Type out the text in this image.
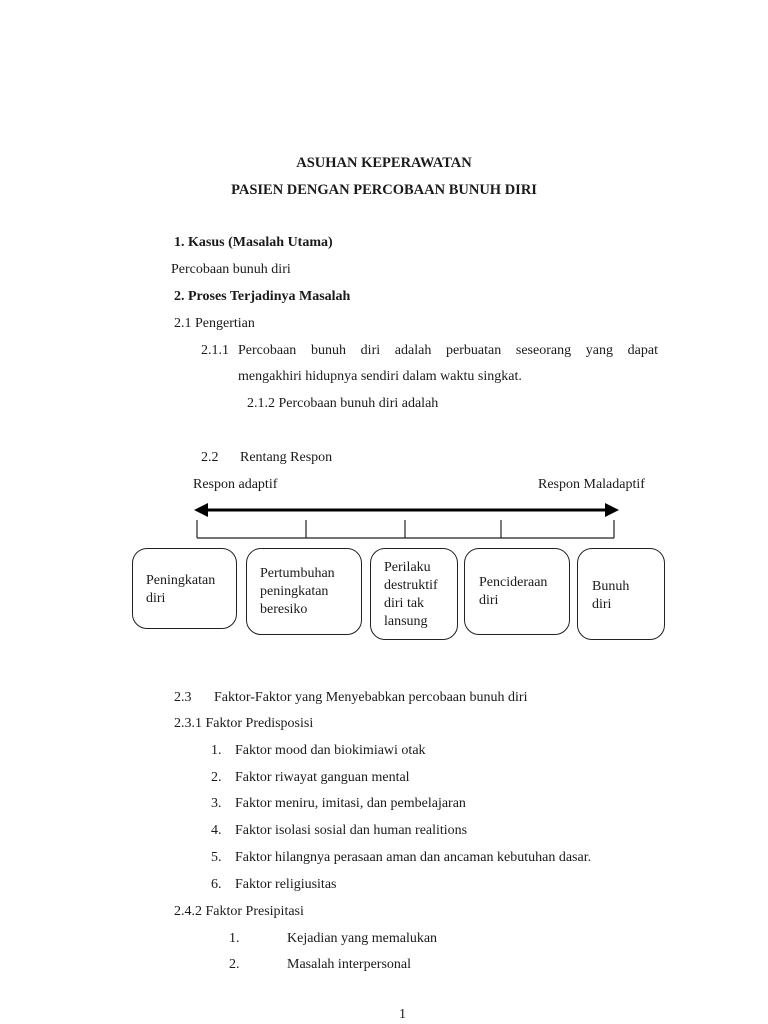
ASUHAN KEPERAWATAN
PASIEN DENGAN PERCOBAAN BUNUH DIRI
1. Kasus (Masalah Utama)
Percobaan bunuh diri
2. Proses Terjadinya Masalah
2.1 Pengertian
2.1.1 Percobaan bunuh diri adalah perbuatan seseorang yang dapat
mengakhiri hidupnya sendiri dalam waktu singkat.
2.1.2 Percobaan bunuh diri adalah
2.2 Rentang Respon
Respon adaptif	Respon Maladaptif
Peningkatan
diri
Pertumbuhan
peningkatan
beresiko
Perilaku
destruktif
diri tak
lansung
Pencideraan
diri
Bunuh
diri
2.3 Faktor-Faktor yang Menyebabkan percobaan bunuh diri
2.3.1 Faktor Predisposisi
1. Faktor mood dan biokimiawi otak
2. Faktor riwayat ganguan mental
3. Faktor meniru, imitasi, dan pembelajaran
4. Faktor isolasi sosial dan human realitions
5. Faktor hilangnya perasaan aman dan ancaman kebutuhan dasar.
6. Faktor religiusitas
2.4.2 Faktor Presipitasi
1.	Kejadian yang memalukan
2.	Masalah interpersonal
1
